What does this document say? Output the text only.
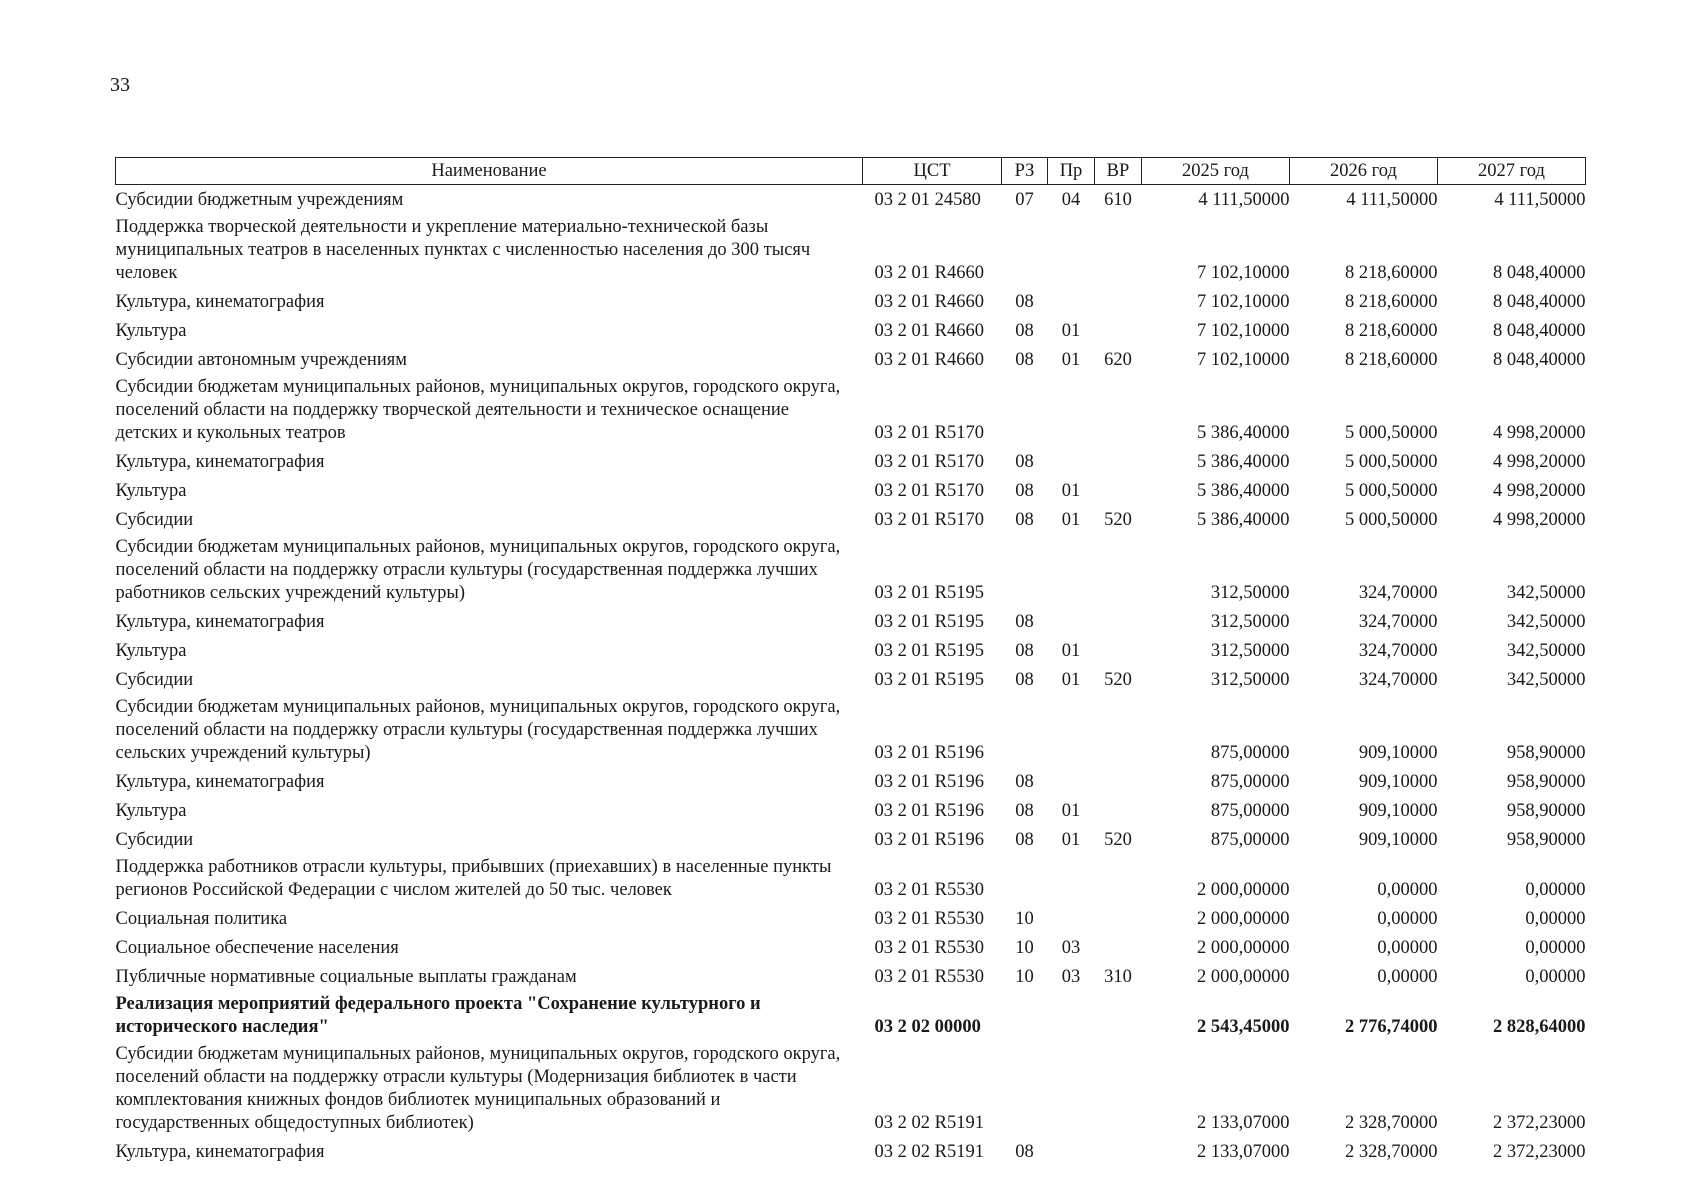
33
Наименование	ЦСТ	РЗ	Пр	ВР	2025 год	2026 год	2027 год
Субсидии бюджетным учреждениям	03 2 01 24580	07	04	610	4 111,50000	4 111,50000	4 111,50000
Поддержка творческой деятельности и укрепление материально-технической базы муниципальных театров в населенных пунктах с численностью населения до 300 тысяч человек	03 2 01 R4660				7 102,10000	8 218,60000	8 048,40000
Культура, кинематография	03 2 01 R4660	08			7 102,10000	8 218,60000	8 048,40000
Культура	03 2 01 R4660	08	01		7 102,10000	8 218,60000	8 048,40000
Субсидии автономным учреждениям	03 2 01 R4660	08	01	620	7 102,10000	8 218,60000	8 048,40000
Субсидии бюджетам муниципальных районов, муниципальных округов, городского округа, поселений области на поддержку творческой деятельности и техническое оснащение детских и кукольных театров	03 2 01 R5170				5 386,40000	5 000,50000	4 998,20000
Культура, кинематография	03 2 01 R5170	08			5 386,40000	5 000,50000	4 998,20000
Культура	03 2 01 R5170	08	01		5 386,40000	5 000,50000	4 998,20000
Субсидии	03 2 01 R5170	08	01	520	5 386,40000	5 000,50000	4 998,20000
Субсидии бюджетам муниципальных районов, муниципальных округов, городского округа, поселений области на поддержку отрасли культуры (государственная поддержка лучших работников сельских учреждений культуры)	03 2 01 R5195				312,50000	324,70000	342,50000
Культура, кинематография	03 2 01 R5195	08			312,50000	324,70000	342,50000
Культура	03 2 01 R5195	08	01		312,50000	324,70000	342,50000
Субсидии	03 2 01 R5195	08	01	520	312,50000	324,70000	342,50000
Субсидии бюджетам муниципальных районов, муниципальных округов, городского округа, поселений области на поддержку отрасли культуры (государственная поддержка лучших сельских учреждений культуры)	03 2 01 R5196				875,00000	909,10000	958,90000
Культура, кинематография	03 2 01 R5196	08			875,00000	909,10000	958,90000
Культура	03 2 01 R5196	08	01		875,00000	909,10000	958,90000
Субсидии	03 2 01 R5196	08	01	520	875,00000	909,10000	958,90000
Поддержка работников отрасли культуры, прибывших (приехавших) в населенные пункты регионов Российской Федерации с числом жителей до 50 тыс. человек	03 2 01 R5530				2 000,00000	0,00000	0,00000
Социальная политика	03 2 01 R5530	10			2 000,00000	0,00000	0,00000
Социальное обеспечение населения	03 2 01 R5530	10	03		2 000,00000	0,00000	0,00000
Публичные нормативные социальные выплаты гражданам	03 2 01 R5530	10	03	310	2 000,00000	0,00000	0,00000
Реализация мероприятий федерального проекта "Сохранение культурного и исторического наследия"	03 2 02 00000				2 543,45000	2 776,74000	2 828,64000
Субсидии бюджетам муниципальных районов, муниципальных округов, городского округа, поселений области на поддержку отрасли культуры (Модернизация библиотек в части комплектования книжных фондов библиотек муниципальных образований и государственных общедоступных библиотек)	03 2 02 R5191				2 133,07000	2 328,70000	2 372,23000
Культура, кинематография	03 2 02 R5191	08			2 133,07000	2 328,70000	2 372,23000
